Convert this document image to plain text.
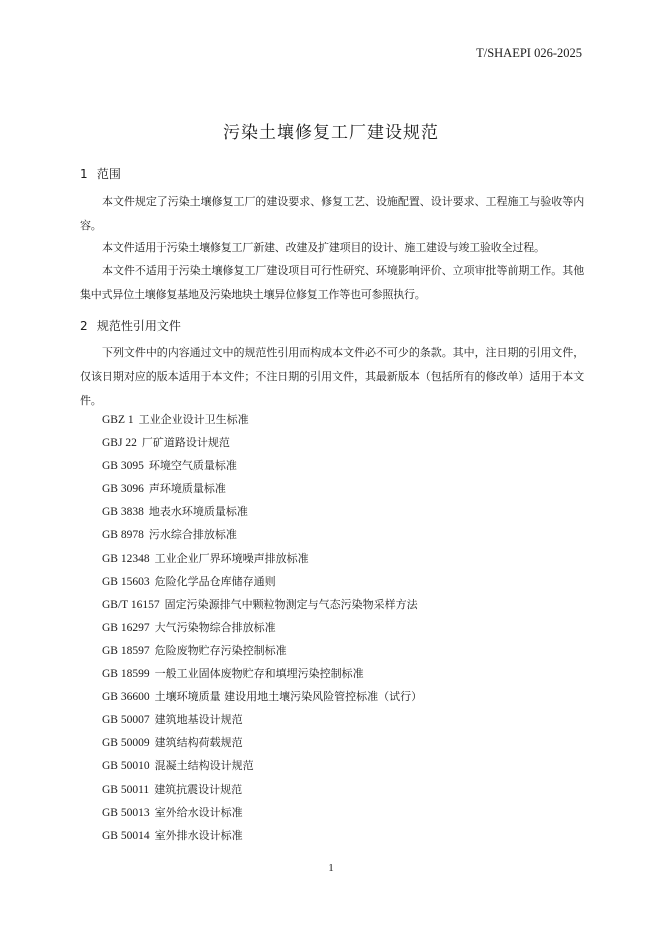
T/SHAEPI 026-2025
污染土壤修复工厂建设规范
1 范围

本文件规定了污染土壤修复工厂的建设要求、修复工艺、设施配置、设计要求、工程施工与验收等内容。

本文件适用于污染土壤修复工厂新建、改建及扩建项目的设计、施工建设与竣工验收全过程。

本文件不适用于污染土壤修复工厂建设项目可行性研究、环境影响评价、立项审批等前期工作。其他集中式异位土壤修复基地及污染地块土壤异位修复工作等也可参照执行。

2 规范性引用文件

下列文件中的内容通过文中的规范性引用而构成本文件必不可少的条款。其中，注日期的引用文件，仅该日期对应的版本适用于本文件；不注日期的引用文件，其最新版本（包括所有的修改单）适用于本文件。

GBZ 1 工业企业设计卫生标准
GBJ 22 厂矿道路设计规范
GB 3095 环境空气质量标准
GB 3096 声环境质量标准
GB 3838 地表水环境质量标准
GB 8978 污水综合排放标准
GB 12348 工业企业厂界环境噪声排放标准
GB 15603 危险化学品仓库储存通则
GB/T 16157 固定污染源排气中颗粒物测定与气态污染物采样方法
GB 16297 大气污染物综合排放标准
GB 18597 危险废物贮存污染控制标准
GB 18599 一般工业固体废物贮存和填埋污染控制标准
GB 36600 土壤环境质量 建设用地土壤污染风险管控标准（试行）
GB 50007 建筑地基设计规范
GB 50009 建筑结构荷载规范
GB 50010 混凝土结构设计规范
GB 50011 建筑抗震设计规范
GB 50013 室外给水设计标准
GB 50014 室外排水设计标准
1
